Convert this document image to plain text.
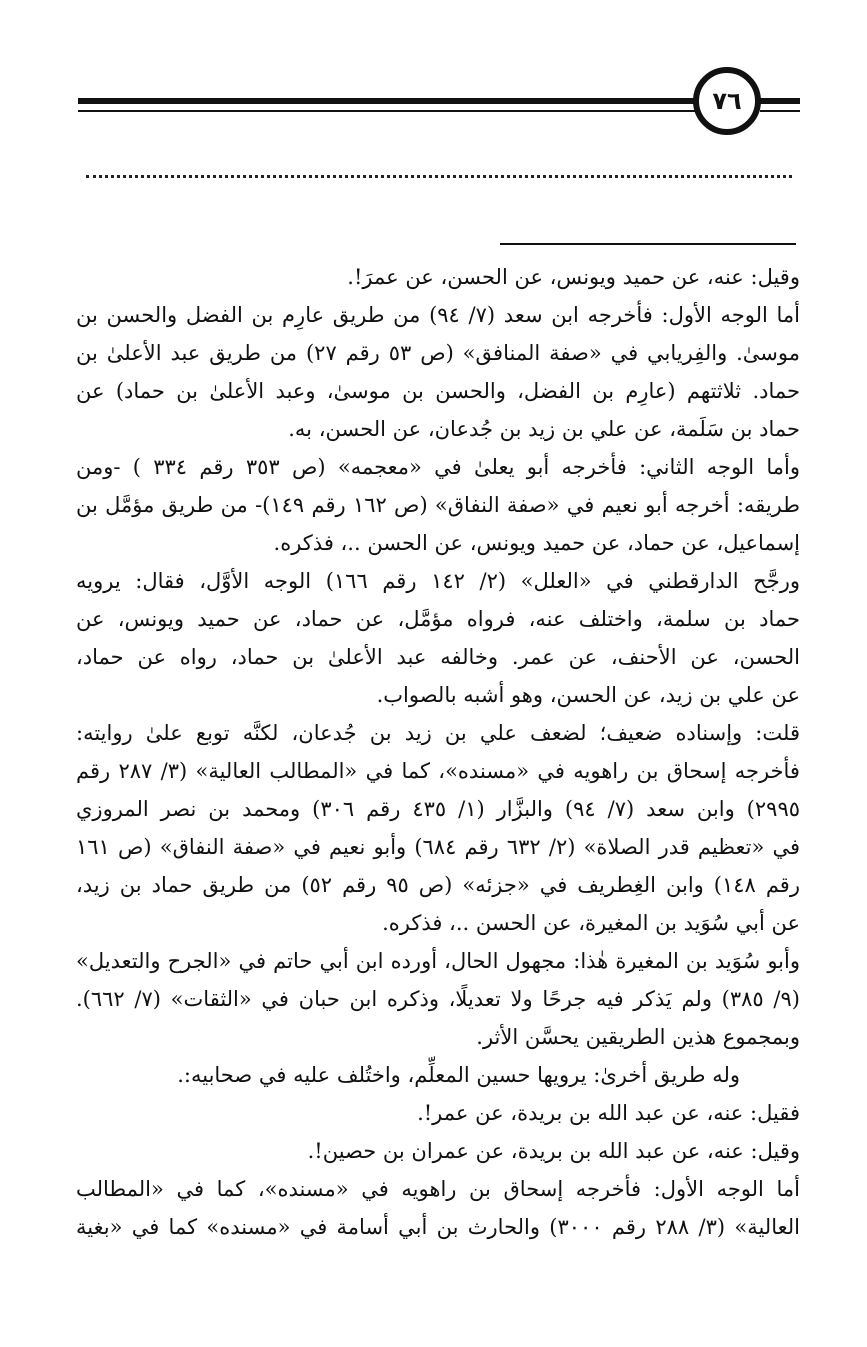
٧٦
وقيل: عنه، عن حميد ويونس، عن الحسن، عن عمرَ!.
أما الوجه الأول: فأخرجه ابن سعد (٧/ ٩٤) من طريق عارِم بن الفضل والحسن بن
موسىٰ. والفِريابي في «صفة المنافق» (ص ٥٣ رقم ٢٧) من طريق عبد الأعلىٰ بن
حماد. ثلاثتهم (عارِم بن الفضل، والحسن بن موسىٰ، وعبد الأعلىٰ بن حماد) عن
حماد بن سَلَمة، عن علي بن زيد بن جُدعان، عن الحسن، به.
وأما الوجه الثاني: فأخرجه أبو يعلىٰ في «معجمه» (ص ٣٥٣ رقم ٣٣٤ ) -ومن
طريقه: أخرجه أبو نعيم في «صفة النفاق» (ص ١٦٢ رقم ١٤٩)- من طريق مؤمَّل بن
إسماعيل، عن حماد، عن حميد ويونس، عن الحسن ..، فذكره.
ورجَّح الدارقطني في «العلل» (٢/ ١٤٢ رقم ١٦٦) الوجه الأوَّل، فقال: يرويه
حماد بن سلمة، واختلف عنه، فرواه مؤمَّل، عن حماد، عن حميد ويونس، عن
الحسن، عن الأحنف، عن عمر. وخالفه عبد الأعلىٰ بن حماد، رواه عن حماد،
عن علي بن زيد، عن الحسن، وهو أشبه بالصواب.
قلت: وإسناده ضعيف؛ لضعف علي بن زيد بن جُدعان، لكنَّه توبع علىٰ روايته:
فأخرجه إسحاق بن راهويه في «مسنده»، كما في «المطالب العالية» (٣/ ٢٨٧ رقم
٢٩٩٥) وابن سعد (٧/ ٩٤) والبزَّار (١/ ٤٣٥ رقم ٣٠٦) ومحمد بن نصر المروزي
في «تعظيم قدر الصلاة» (٢/ ٦٣٢ رقم ٦٨٤) وأبو نعيم في «صفة النفاق» (ص ١٦١
رقم ١٤٨) وابن الغِطريف في «جزئه» (ص ٩٥ رقم ٥٢) من طريق حماد بن زيد،
عن أبي سُوَيد بن المغيرة، عن الحسن ..، فذكره.
وأبو سُوَيد بن المغيرة هٰذا: مجهول الحال، أورده ابن أبي حاتم في «الجرح والتعديل»
(٩/ ٣٨٥) ولم يَذكر فيه جرحًا ولا تعديلًا، وذكره ابن حبان في «الثقات» (٧/ ٦٦٢).
وبمجموع هذين الطريقين يحسَّن الأثر.
وله طريق أخرىٰ: يرويها حسين المعلِّم، واختُلف عليه في صحابيه:.
فقيل: عنه، عن عبد الله بن بريدة، عن عمر!.
وقيل: عنه، عن عبد الله بن بريدة، عن عمران بن حصين!.
أما الوجه الأول: فأخرجه إسحاق بن راهويه في «مسنده»، كما في «المطالب
العالية» (٣/ ٢٨٨ رقم ٣٠٠٠) والحارث بن أبي أسامة في «مسنده» كما في «بغية
